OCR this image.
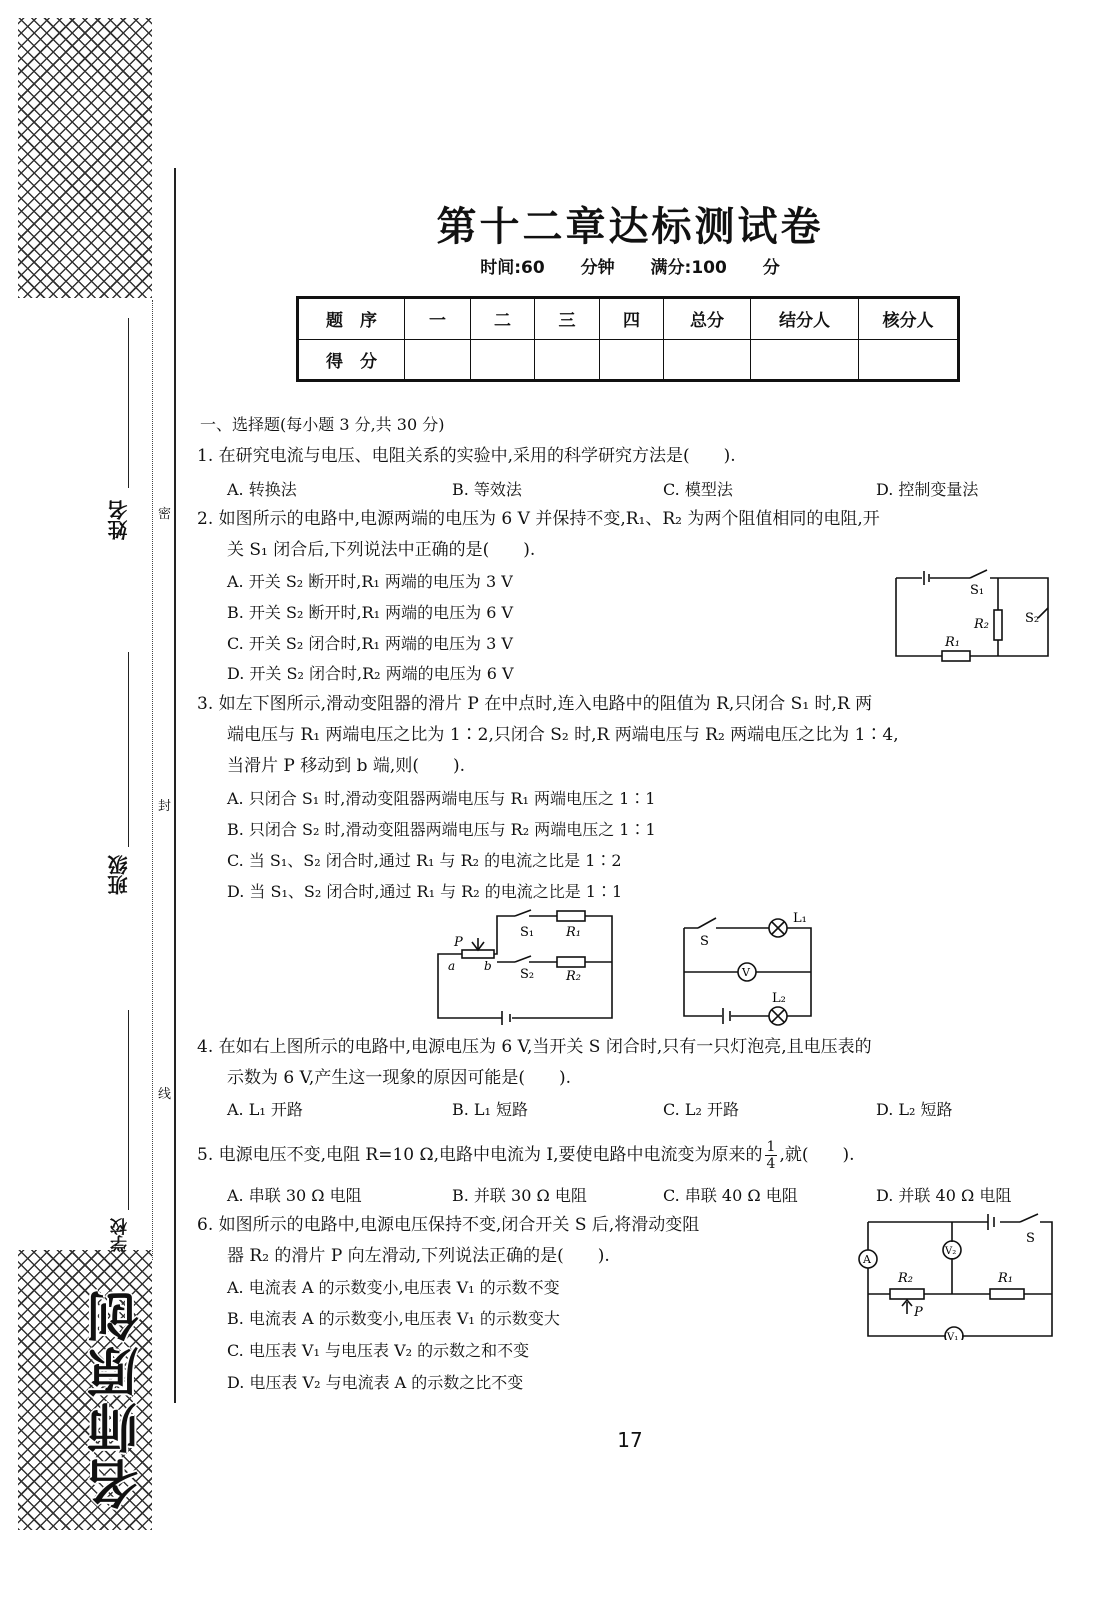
名师原创
姓名
班级
学校
密
封
线
第十二章达标测试卷
时间:60 分钟 满分:100 分
题　序	一	二	三	四	总分	结分人	核分人
得　分							
一、选择题(每小题 3 分,共 30 分)
1. 在研究电流与电压、电阻关系的实验中,采用的科学研究方法是(　　).
A. 转换法	B. 等效法	C. 模型法	D. 控制变量法
2. 如图所示的电路中,电源两端的电压为 6 V 并保持不变,R₁、R₂ 为两个阻值相同的电阻,开
关 S₁ 闭合后,下列说法中正确的是(　　).
A. 开关 S₂ 断开时,R₁ 两端的电压为 3 V
B. 开关 S₂ 断开时,R₁ 两端的电压为 6 V
C. 开关 S₂ 闭合时,R₁ 两端的电压为 3 V
D. 开关 S₂ 闭合时,R₂ 两端的电压为 6 V
S₁
R₂	S₂
R₁
3. 如左下图所示,滑动变阻器的滑片 P 在中点时,连入电路中的阻值为 R,只闭合 S₁ 时,R 两
端电压与 R₁ 两端电压之比为 1∶2,只闭合 S₂ 时,R 两端电压与 R₂ 两端电压之比为 1∶4,
当滑片 P 移动到 b 端,则(　　).
A. 只闭合 S₁ 时,滑动变阻器两端电压与 R₁ 两端电压之 1∶1
B. 只闭合 S₂ 时,滑动变阻器两端电压与 R₂ 两端电压之 1∶1
C. 当 S₁、S₂ 闭合时,通过 R₁ 与 R₂ 的电流之比是 1∶2
D. 当 S₁、S₂ 闭合时,通过 R₁ 与 R₂ 的电流之比是 1∶1
P
a b
S₁ R₁
S₂ R₂
S
L₁
V
L₂
4. 在如右上图所示的电路中,电源电压为 6 V,当开关 S 闭合时,只有一只灯泡亮,且电压表的
示数为 6 V,产生这一现象的原因可能是(　　).
A. L₁ 开路	B. L₁ 短路	C. L₂ 开路	D. L₂ 短路
5. 电源电压不变,电阻 R=10 Ω,电路中电流为 I,要使电路中电流变为原来的 $\frac{1}{4}$ ,就(　　).
A. 串联 30 Ω 电阻	B. 并联 30 Ω 电阻	C. 串联 40 Ω 电阻	D. 并联 40 Ω 电阻
6. 如图所示的电路中,电源电压保持不变,闭合开关 S 后,将滑动变阻
器 R₂ 的滑片 P 向左滑动,下列说法正确的是(　　).
A. 电流表 A 的示数变小,电压表 V₁ 的示数不变
B. 电流表 A 的示数变小,电压表 V₁ 的示数变大
C. 电压表 V₁ 与电压表 V₂ 的示数之和不变
D. 电压表 V₂ 与电流表 A 的示数之比不变
S
A
V₂
R₂	R₁
P
V₁
17
